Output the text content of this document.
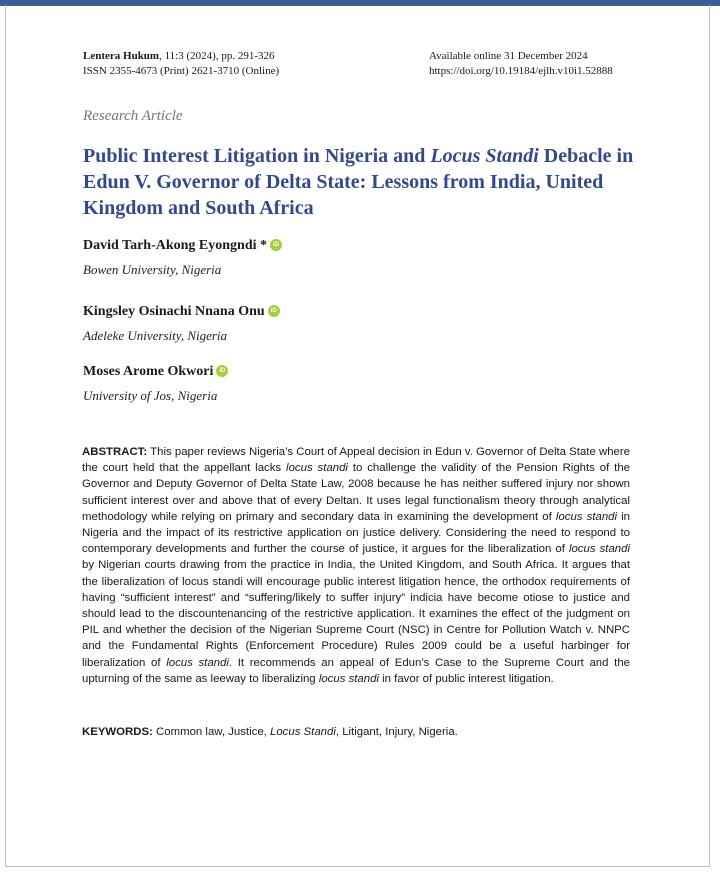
Lentera Hukum, 11:3 (2024), pp. 291-326
ISSN 2355-4673 (Print) 2621-3710 (Online)
Available online 31 December 2024
https://doi.org/10.19184/ejlh.v10i1.52888
Research Article
Public Interest Litigation in Nigeria and Locus Standi Debacle in Edun V. Governor of Delta State: Lessons from India, United Kingdom and South Africa
David Tarh-Akong Eyongndi * iD
Bowen University, Nigeria
Kingsley Osinachi Nnana Onu iD
Adeleke University, Nigeria
Moses Arome Okwori iD
University of Jos, Nigeria

ABSTRACT: This paper reviews Nigeria’s Court of Appeal decision in Edun v. Governor of Delta State where the court held that the appellant lacks locus standi to challenge the validity of the Pension Rights of the Governor and Deputy Governor of Delta State Law, 2008 because he has neither suffered injury nor shown sufficient interest over and above that of every Deltan. It uses legal functionalism theory through analytical methodology while relying on primary and secondary data in examining the development of locus standi in Nigeria and the impact of its restrictive application on justice delivery. Considering the need to respond to contemporary developments and further the course of justice, it argues for the liberalization of locus standi by Nigerian courts drawing from the practice in India, the United Kingdom, and South Africa. It argues that the liberalization of locus standi will encourage public interest litigation hence, the orthodox requirements of having “sufficient interest” and “suffering/likely to suffer injury” indicia have become otiose to justice and should lead to the discountenancing of the restrictive application. It examines the effect of the judgment on PIL and whether the decision of the Nigerian Supreme Court (NSC) in Centre for Pollution Watch v. NNPC and the Fundamental Rights (Enforcement Procedure) Rules 2009 could be a useful harbinger for liberalization of locus standi. It recommends an appeal of Edun’s Case to the Supreme Court and the upturning of the same as leeway to liberalizing locus standi in favor of public interest litigation.

KEYWORDS: Common law, Justice, Locus Standi, Litigant, Injury, Nigeria.
